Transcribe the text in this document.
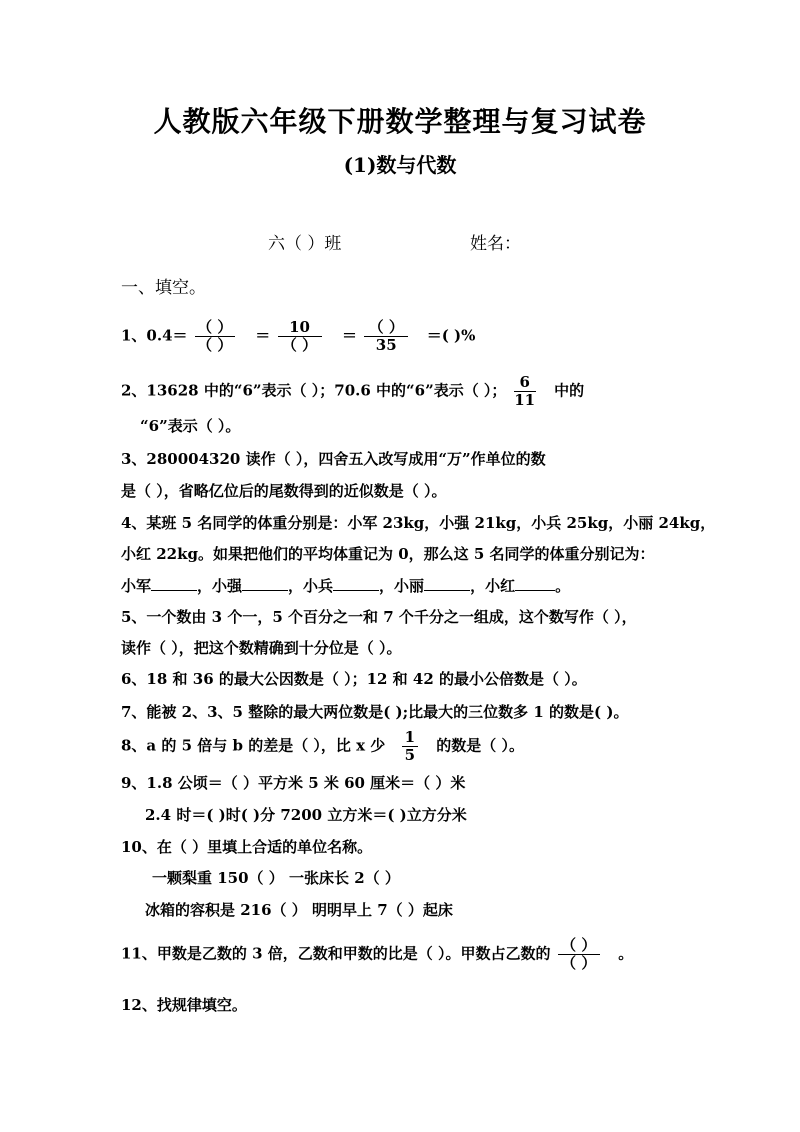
人教版六年级下册数学整理与复习试卷
(1)数与代数
六（ ）班	姓名：
一、填空。
1、$0.4= \frac{( )}{( )} = \frac{10}{( )} = \frac{( )}{35}$ ＝( )%
2、13628 中的“6”表示（ ）；70.6 中的“6”表示（ ）； $\frac{6}{11}$ 中的
“6”表示（ ）。
3、280004320 读作（ ），四舍五入改写成用“万”作单位的数
是（ ），省略亿位后的尾数得到的近似数是（ ）。
4、某班 5 名同学的体重分别是：小军 23kg，小强 21kg，小兵 25kg，小丽 24kg，
小红 22kg。如果把他们的平均体重记为 0，那么这 5 名同学的体重分别记为：
小军	，小强	，小兵	，小丽	，小红	。
5、一个数由 3 个一，5 个百分之一和 7 个千分之一组成，这个数写作（ ），
读作（ ），把这个数精确到十分位是（ ）。
6、18 和 36 的最大公因数是（ ）；12 和 42 的最小公倍数是（ ）。
7、能被 2、3、5 整除的最大两位数是( );比最大的三位数多 1 的数是( )。
8、a 的 5 倍与 b 的差是（ ），比 x 少 $\frac{1}{5}$ 的数是（ ）。
9、1.8 公顷＝（ ）平方米 5 米 60 厘米＝（ ）米
2.4 时＝( )时( )分 7200 立方米＝( )立方分米
10、在（ ）里填上合适的单位名称。
一颗梨重 150（ ） 一张床长 2（ ）
冰箱的容积是 216（ ） 明明早上 7（ ）起床
11、甲数是乙数的 3 倍，乙数和甲数的比是（ ）。甲数占乙数的 $\frac{( )}{( )}$ 。
12、找规律填空。
